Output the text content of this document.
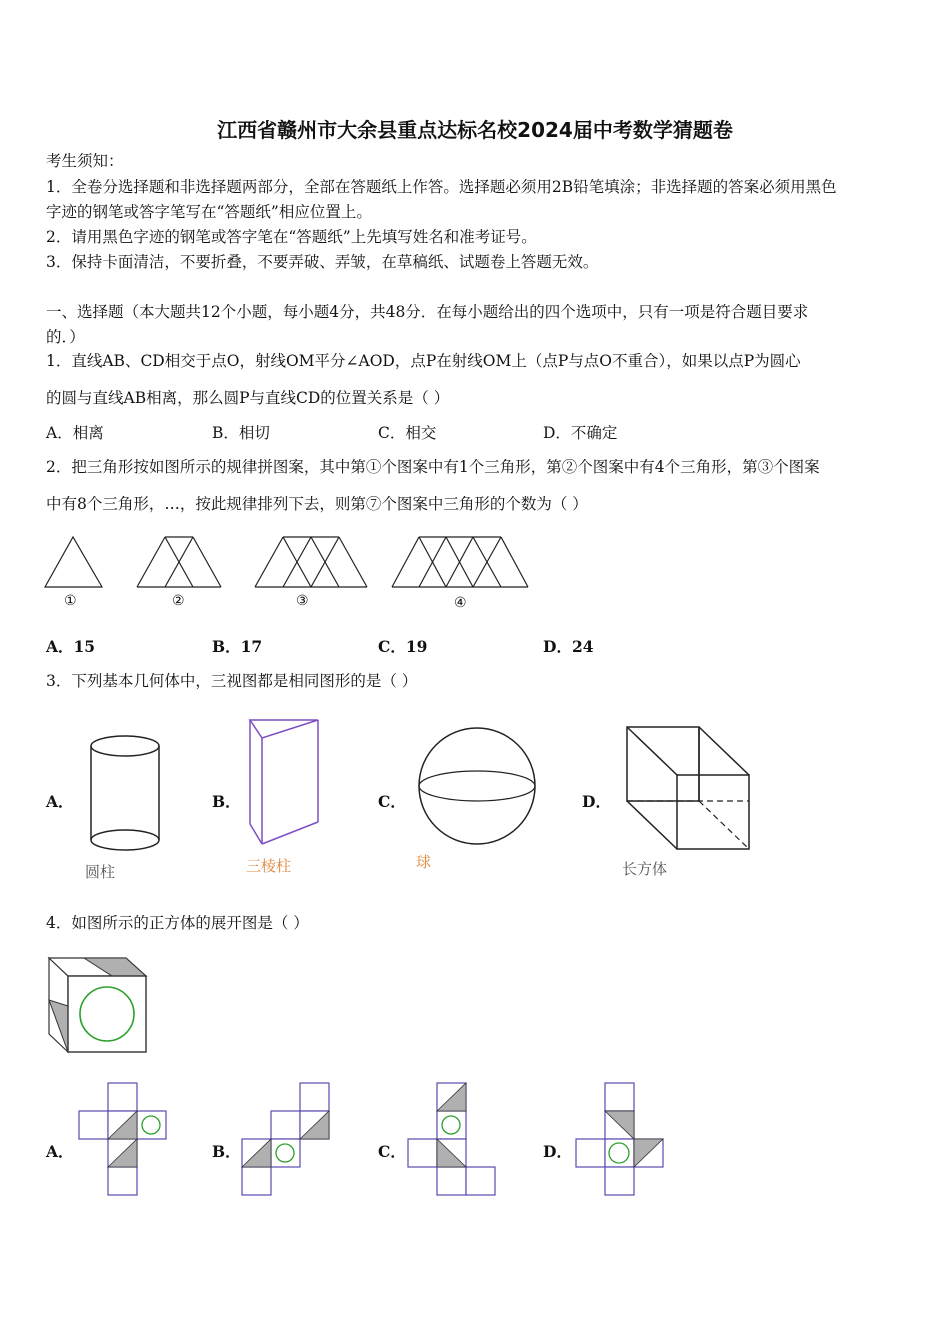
江西省赣州市大余县重点达标名校2024届中考数学猜题卷
考生须知：
1．全卷分选择题和非选择题两部分，全部在答题纸上作答。选择题必须用2B铅笔填涂；非选择题的答案必须用黑色
字迹的钢笔或答字笔写在“答题纸”相应位置上。
2．请用黑色字迹的钢笔或答字笔在“答题纸”上先填写姓名和准考证号。
3．保持卡面清洁，不要折叠，不要弄破、弄皱，在草稿纸、试题卷上答题无效。
一、选择题（本大题共12个小题，每小题4分，共48分．在每小题给出的四个选项中，只有一项是符合题目要求
的．）
1．直线AB、CD相交于点O，射线OM平分∠AOD，点P在射线OM上（点P与点O不重合），如果以点P为圆心
的圆与直线AB相离，那么圆P与直线CD的位置关系是（ ）
A．相离	B．相切	C．相交	D．不确定
2．把三角形按如图所示的规律拼图案，其中第①个图案中有1个三角形，第②个图案中有4个三角形，第③个图案
中有8个三角形，…，按此规律排列下去，则第⑦个图案中三角形的个数为（ ）
①	②	③	④
A．15	B．17	C．19	D．24
3．下列基本几何体中，三视图都是相同图形的是（ ）
A．
圆柱
B．
三棱柱
C．
球
D．
长方体
4．如图所示的正方体的展开图是（ ）
A．	B．	C．	D．
